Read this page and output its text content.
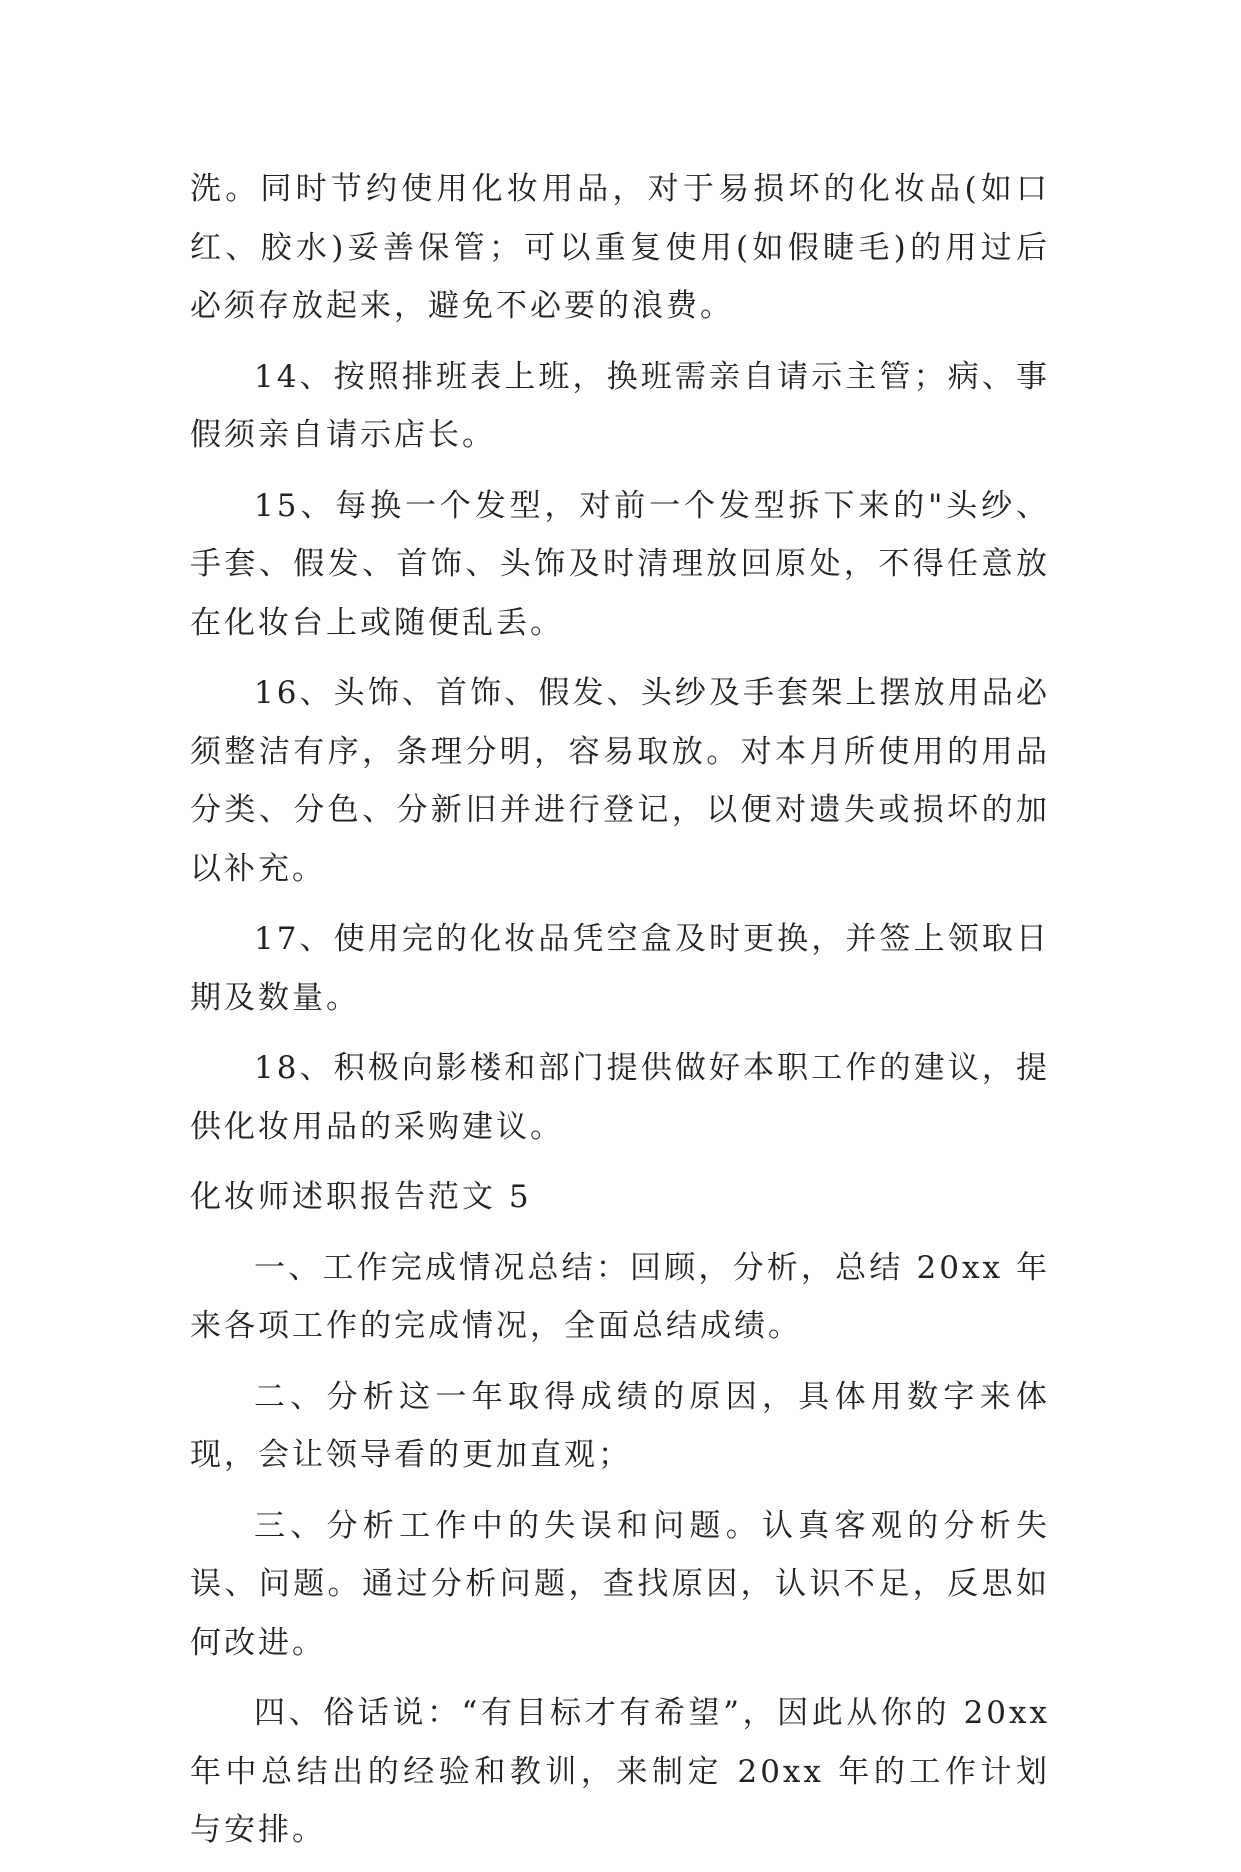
洗。同时节约使用化妆用品，对于易损坏的化妆品(如口红、胶水)妥善保管；可以重复使用(如假睫毛)的用过后必须存放起来，避免不必要的浪费。

14、按照排班表上班，换班需亲自请示主管；病、事假须亲自请示店长。

15、每换一个发型，对前一个发型拆下来的"头纱、手套、假发、首饰、头饰及时清理放回原处，不得任意放在化妆台上或随便乱丢。

16、头饰、首饰、假发、头纱及手套架上摆放用品必须整洁有序，条理分明，容易取放。对本月所使用的用品分类、分色、分新旧并进行登记，以便对遗失或损坏的加以补充。

17、使用完的化妆品凭空盒及时更换，并签上领取日期及数量。

18、积极向影楼和部门提供做好本职工作的建议，提供化妆用品的采购建议。

化妆师述职报告范文 5

一、工作完成情况总结：回顾，分析，总结 20xx 年来各项工作的完成情况，全面总结成绩。

二、分析这一年取得成绩的原因，具体用数字来体现，会让领导看的更加直观；

三、分析工作中的失误和问题。认真客观的分析失误、问题。通过分析问题，查找原因，认识不足，反思如何改进。

四、俗话说：“有目标才有希望”，因此从你的 20xx 年中总结出的经验和教训，来制定 20xx 年的工作计划与安排。
